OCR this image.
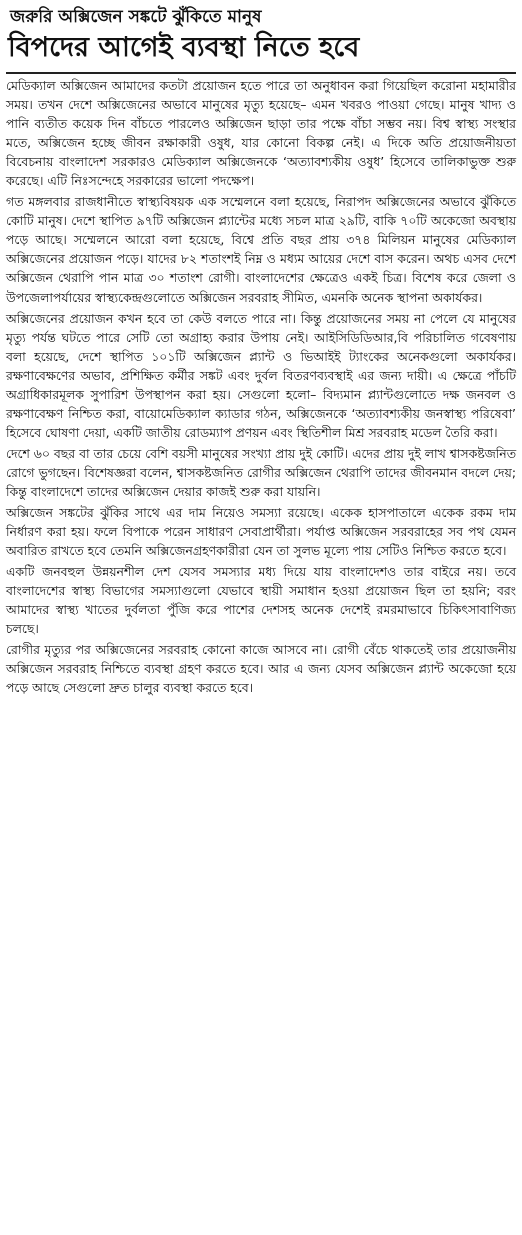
জরুরি অক্সিজেন সঙ্কটে ঝুঁকিতে মানুষ
বিপদের আগেই ব্যবস্থা নিতে হবে

মেডিক্যাল অক্সিজেন আমাদের কতটা প্রয়োজন হতে পারে তা অনুধাবন করা গিয়েছিল করোনা মহামারীর সময়। তখন দেশে অক্সিজেনের অভাবে মানুষের মৃত্যু হয়েছে– এমন খবরও পাওয়া গেছে। মানুষ খাদ্য ও পানি ব্যতীত কয়েক দিন বাঁচতে পারলেও অক্সিজেন ছাড়া তার পক্ষে বাঁচা সম্ভব নয়। বিশ্ব স্বাস্থ্য সংস্থার মতে, অক্সিজেন হচ্ছে জীবন রক্ষাকারী ওষুধ, যার কোনো বিকল্প নেই। এ দিকে অতি প্রয়োজনীয়তা বিবেচনায় বাংলাদেশ সরকারও মেডিক্যাল অক্সিজেনকে ‘অত্যাবশ্যকীয় ওষুধ’ হিসেবে তালিকাভুক্ত শুরু করেছে। এটি নিঃসন্দেহে সরকারের ভালো পদক্ষেপ।

গত মঙ্গলবার রাজধানীতে স্বাস্থ্যবিষয়ক এক সম্মেলনে বলা হয়েছে, নিরাপদ অক্সিজেনের অভাবে ঝুঁকিতে কোটি মানুষ। দেশে স্থাপিত ৯৭টি অক্সিজেন প্ল্যান্টের মধ্যে সচল মাত্র ২৯টি, বাকি ৭০টি অকেজো অবস্থায় পড়ে আছে। সম্মেলনে আরো বলা হয়েছে, বিশ্বে প্রতি বছর প্রায় ৩৭৪ মিলিয়ন মানুষের মেডিক্যাল অক্সিজেনের প্রয়োজন পড়ে। যাদের ৮২ শতাংশই নিম্ন ও মধ্যম আয়ের দেশে বাস করেন। অথচ এসব দেশে অক্সিজেন থেরাপি পান মাত্র ৩০ শতাংশ রোগী। বাংলাদেশের ক্ষেত্রেও একই চিত্র। বিশেষ করে জেলা ও উপজেলাপর্যায়ের স্বাস্থ্যকেন্দ্রগুলোতে অক্সিজেন সরবরাহ সীমিত, এমনকি অনেক স্থাপনা অকার্যকর।

অক্সিজেনের প্রয়োজন কখন হবে তা কেউ বলতে পারে না। কিন্তু প্রয়োজনের সময় না পেলে যে মানুষের মৃত্যু পর্যন্ত ঘটতে পারে সেটি তো অগ্রাহ্য করার উপায় নেই। আইসিডিডিআর,বি পরিচালিত গবেষণায় বলা হয়েছে, দেশে স্থাপিত ১০১টি অক্সিজেন প্ল্যান্ট ও ভিআইই ট্যাংকের অনেকগুলো অকার্যকর। রক্ষণাবেক্ষণের অভাব, প্রশিক্ষিত কর্মীর সঙ্কট এবং দুর্বল বিতরণব্যবস্থাই এর জন্য দায়ী। এ ক্ষেত্রে পাঁচটি অগ্রাধিকারমূলক সুপারিশ উপস্থাপন করা হয়। সেগুলো হলো– বিদ্যমান প্ল্যান্টগুলোতে দক্ষ জনবল ও রক্ষণাবেক্ষণ নিশ্চিত করা, বায়োমেডিক্যাল ক্যাডার গঠন, অক্সিজেনকে ‘অত্যাবশ্যকীয় জনস্বাস্থ্য পরিষেবা’ হিসেবে ঘোষণা দেয়া, একটি জাতীয় রোডম্যাপ প্রণয়ন এবং স্থিতিশীল মিশ্র সরবরাহ মডেল তৈরি করা।

দেশে ৬০ বছর বা তার চেয়ে বেশি বয়সী মানুষের সংখ্যা প্রায় দুই কোটি। এদের প্রায় দুই লাখ শ্বাসকষ্টজনিত রোগে ভুগছেন। বিশেষজ্ঞরা বলেন, শ্বাসকষ্টজনিত রোগীর অক্সিজেন থেরাপি তাদের জীবনমান বদলে দেয়; কিন্তু বাংলাদেশে তাদের অক্সিজেন দেয়ার কাজই শুরু করা যায়নি।

অক্সিজেন সঙ্কটের ঝুঁকির সাথে এর দাম নিয়েও সমস্যা রয়েছে। একেক হাসপাতালে একেক রকম দাম নির্ধারণ করা হয়। ফলে বিপাকে পরেন সাধারণ সেবাপ্রার্থীরা। পর্যাপ্ত অক্সিজেন সরবরাহের সব পথ যেমন অবারিত রাখতে হবে তেমনি অক্সিজেনগ্রহণকারীরা যেন তা সুলভ মূল্যে পায় সেটিও নিশ্চিত করতে হবে।

একটি জনবহুল উন্নয়নশীল দেশ যেসব সমস্যার মধ্য দিয়ে যায় বাংলাদেশও তার বাইরে নয়। তবে বাংলাদেশের স্বাস্থ্য বিভাগের সমস্যাগুলো যেভাবে স্থায়ী সমাধান হওয়া প্রয়োজন ছিল তা হয়নি; বরং আমাদের স্বাস্থ্য খাতের দুর্বলতা পুঁজি করে পাশের দেশসহ অনেক দেশেই রমরমাভাবে চিকিৎসাবাণিজ্য চলছে।

রোগীর মৃত্যুর পর অক্সিজেনের সরবরাহ কোনো কাজে আসবে না। রোগী বেঁচে থাকতেই তার প্রয়োজনীয় অক্সিজেন সরবরাহ নিশ্চিতে ব্যবস্থা গ্রহণ করতে হবে। আর এ জন্য যেসব অক্সিজেন প্ল্যান্ট অকেজো হয়ে পড়ে আছে সেগুলো দ্রুত চালুর ব্যবস্থা করতে হবে।
